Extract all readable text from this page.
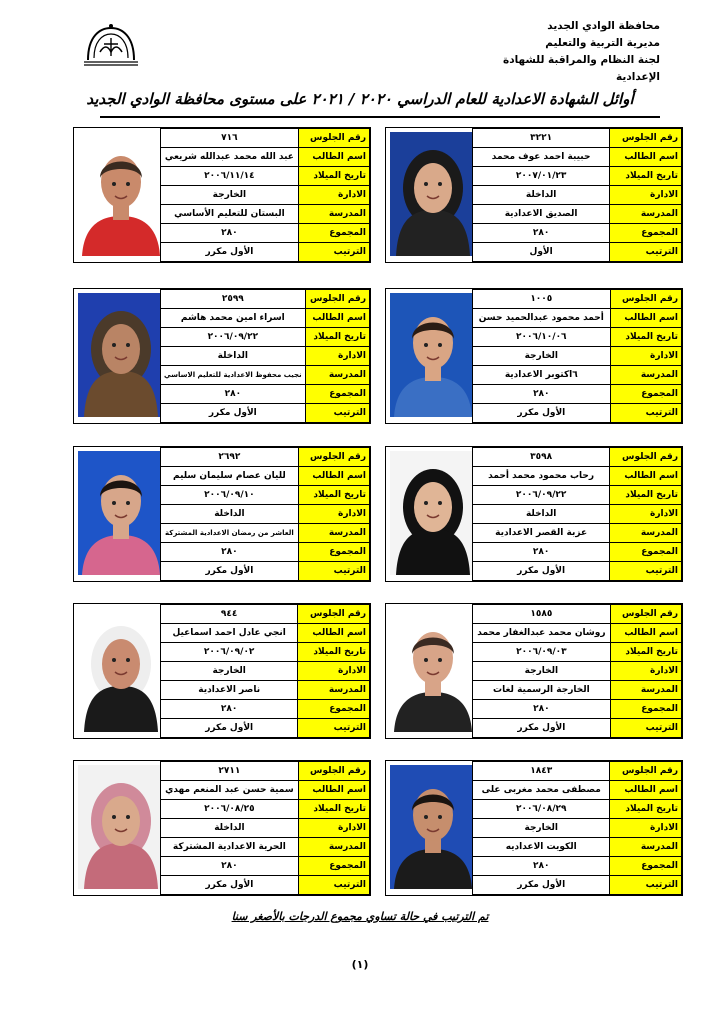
محافظة الوادي الجديد
مديرية التربية والتعليم
لجنة النظام والمراقبة للشهادة الإعدادية
أوائل الشهادة الاعدادية للعام الدراسي ٢٠٢٠ / ٢٠٢١ على مستوى محافظة الوادي الجديد
رقم الجلوس	٣٢٢١
اسم الطالب	حبيبة احمد عوف محمد
تاريخ الميلاد	٢٠٠٧/٠١/٢٣
الادارة	الداخلة
المدرسة	الصديق الاعدادية
المجموع	٢٨٠
الترتيب	الأول
رقم الجلوس	٧١٦
اسم الطالب	عبد الله محمد عبدالله شريعي
تاريخ الميلاد	٢٠٠٦/١١/١٤
الادارة	الخارجة
المدرسة	البستان للتعليم الأساسي
المجموع	٢٨٠
الترتيب	الأول مكرر
رقم الجلوس	١٠٠٥
اسم الطالب	أحمد محمود عبدالحميد حسن
تاريخ الميلاد	٢٠٠٦/١٠/٠٦
الادارة	الخارجة
المدرسة	٦اكتوبر الاعدادية
المجموع	٢٨٠
الترتيب	الأول مكرر
رقم الجلوس	٢٥٩٩
اسم الطالب	اسراء امين محمد هاشم
تاريخ الميلاد	٢٠٠٦/٠٩/٢٢
الادارة	الداخلة
المدرسة	نجيب محفوظ الاعدادية للتعليم الاساسي
المجموع	٢٨٠
الترتيب	الأول مكرر
رقم الجلوس	٣٥٩٨
اسم الطالب	رحاب محمود محمد أحمد
تاريخ الميلاد	٢٠٠٦/٠٩/٢٢
الادارة	الداخلة
المدرسة	عزبة القصر الاعدادية
المجموع	٢٨٠
الترتيب	الأول مكرر
رقم الجلوس	٢٦٩٢
اسم الطالب	لليان عصام سليمان سليم
تاريخ الميلاد	٢٠٠٦/٠٩/١٠
الادارة	الداخلة
المدرسة	العاشر من رمضان الاعدادية المشتركة
المجموع	٢٨٠
الترتيب	الأول مكرر
رقم الجلوس	١٥٨٥
اسم الطالب	روشان محمد عبدالغفار محمد
تاريخ الميلاد	٢٠٠٦/٠٩/٠٣
الادارة	الخارجة
المدرسة	الخارجة الرسمية لغات
المجموع	٢٨٠
الترتيب	الأول مكرر
رقم الجلوس	٩٤٤
اسم الطالب	انجي عادل احمد اسماعيل
تاريخ الميلاد	٢٠٠٦/٠٩/٠٢
الادارة	الخارجة
المدرسة	ناصر الاعدادية
المجموع	٢٨٠
الترتيب	الأول مكرر
رقم الجلوس	١٨٤٣
اسم الطالب	مصطفى محمد مغربى على
تاريخ الميلاد	٢٠٠٦/٠٨/٢٩
الادارة	الخارجة
المدرسة	الكويت الاعداديه
المجموع	٢٨٠
الترتيب	الأول مكرر
رقم الجلوس	٢٧١١
اسم الطالب	سمية حسن عبد المنعم مهدي
تاريخ الميلاد	٢٠٠٦/٠٨/٢٥
الادارة	الداخلة
المدرسة	الحرية الاعدادية المشتركة
المجموع	٢٨٠
الترتيب	الأول مكرر
تم الترتيب في حالة تساوي مجموع الدرجات بالأصغر سنا
(١)
